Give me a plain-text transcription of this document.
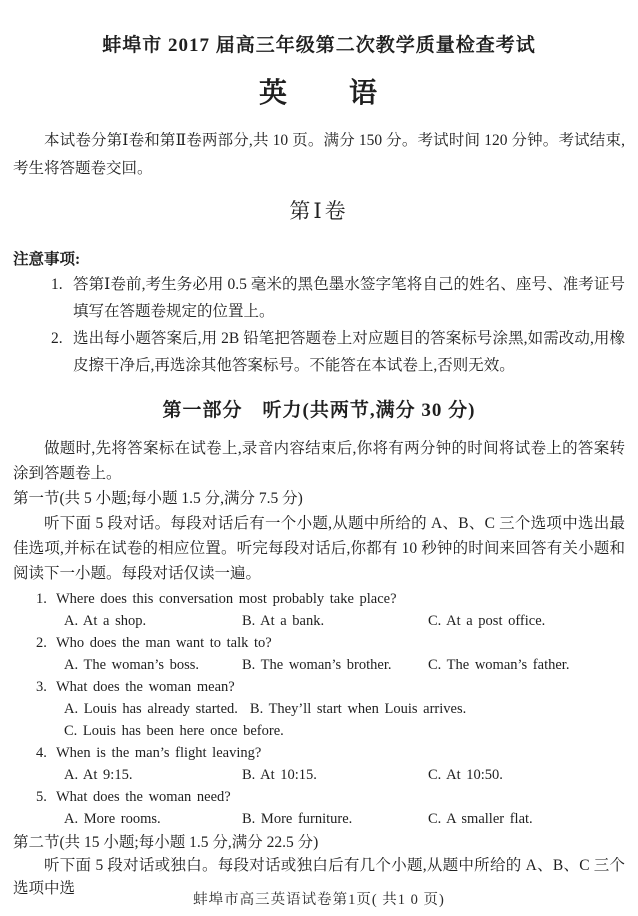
蚌埠市 2017 届高三年级第二次教学质量检查考试
英　　语

本试卷分第Ⅰ卷和第Ⅱ卷两部分,共 10 页。满分 150 分。考试时间 120 分钟。考试结束,考生将答题卷交回。

第Ⅰ卷
注意事项:
1. 答第Ⅰ卷前,考生务必用 0.5 毫米的黑色墨水签字笔将自己的姓名、座号、准考证号填写在答题卷规定的位置上。
2. 选出每小题答案后,用 2B 铅笔把答题卷上对应题目的答案标号涂黑,如需改动,用橡皮擦干净后,再选涂其他答案标号。不能答在本试卷上,否则无效。
第一部分　听力(共两节,满分 30 分)

做题时,先将答案标在试卷上,录音内容结束后,你将有两分钟的时间将试卷上的答案转涂到答题卷上。

第一节(共 5 小题;每小题 1.5 分,满分 7.5 分)

听下面 5 段对话。每段对话后有一个小题,从题中所给的 A、B、C 三个选项中选出最佳选项,并标在试卷的相应位置。听完每段对话后,你都有 10 秒钟的时间来回答有关小题和阅读下一小题。每段对话仅读一遍。

1. Where does this conversation most probably take place?
A. At a shop.	B. At a bank.	C. At a post office.
2. Who does the man want to talk to?
A. The woman’s boss.	B. The woman’s brother.	C. The woman’s father.
3. What does the woman mean?
A. Louis has already started. B. They’ll start when Louis arrives.
C. Louis has been here once before.
4. When is the man’s flight leaving?
A. At 9:15.	B. At 10:15.	C. At 10:50.
5. What does the woman need?
A. More rooms.	B. More furniture.	C. A smaller flat.
第二节(共 15 小题;每小题 1.5 分,满分 22.5 分)

听下面 5 段对话或独白。每段对话或独白后有几个小题,从题中所给的 A、B、C 三个选项中选

蚌埠市高三英语试卷第1页( 共1 0 页)
